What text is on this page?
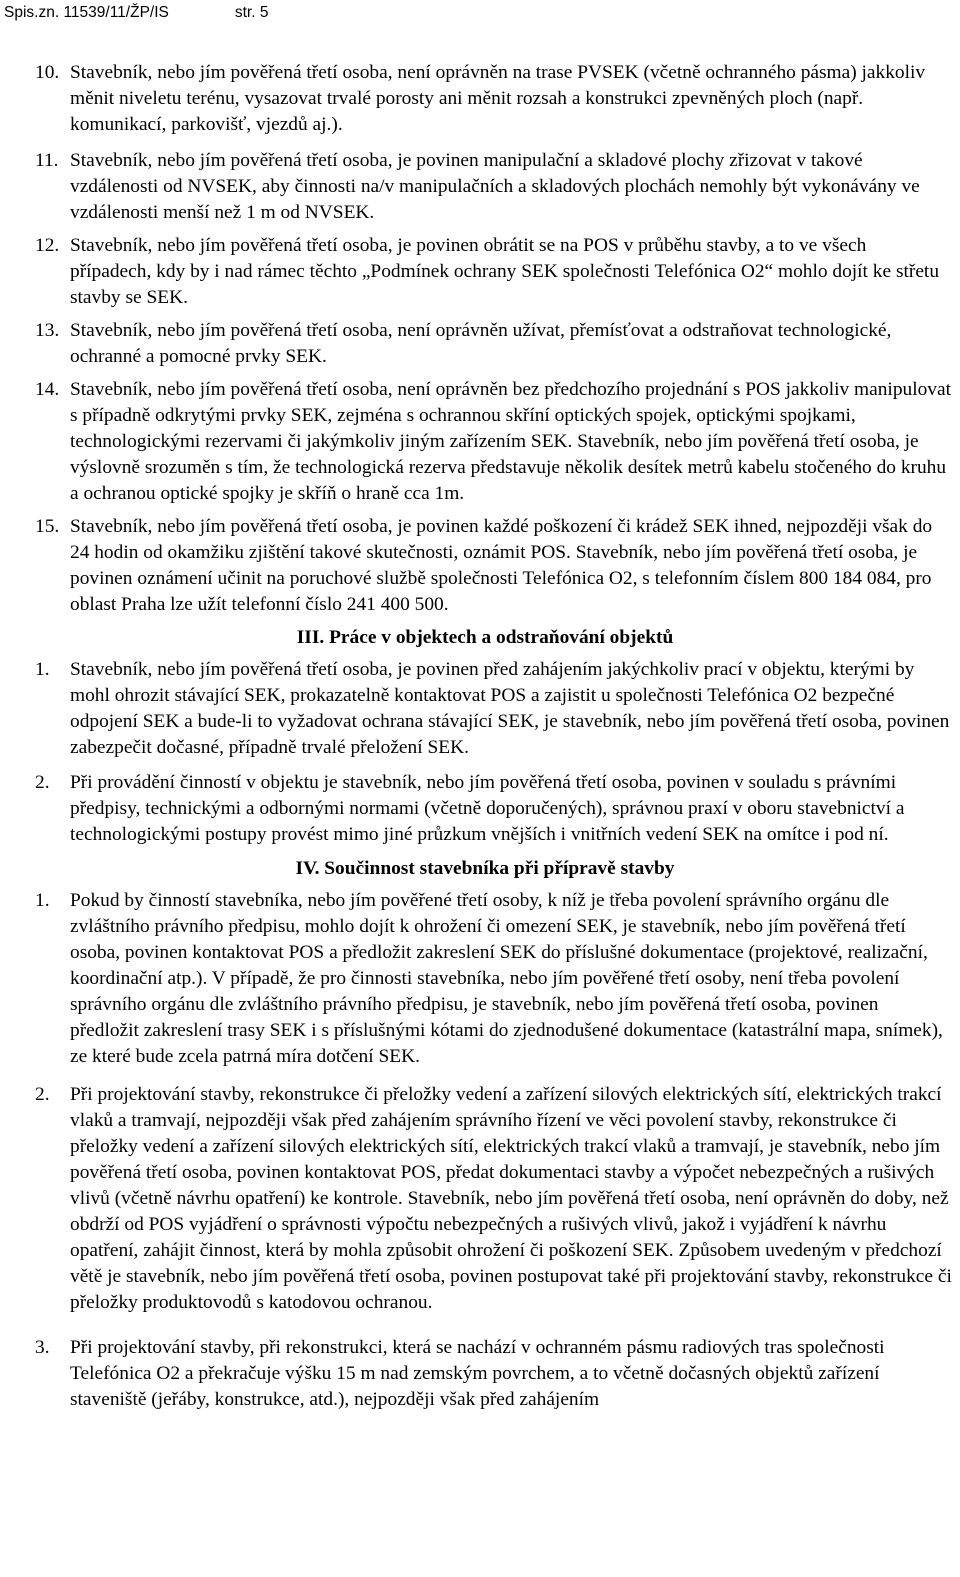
Spis.zn. 11539/11/ŽP/IS	str. 5
10. Stavebník, nebo jím pověřená třetí osoba, není oprávněn na trase PVSEK (včetně ochranného pásma) jakkoliv měnit niveletu terénu, vysazovat trvalé porosty ani měnit rozsah a konstrukci zpevněných ploch (např. komunikací, parkovišť, vjezdů aj.).
11. Stavebník, nebo jím pověřená třetí osoba, je povinen manipulační a skladové plochy zřizovat v takové vzdálenosti od NVSEK, aby činnosti na/v manipulačních a skladových plochách nemohly být vykonávány ve vzdálenosti menší než 1 m od NVSEK.
12. Stavebník, nebo jím pověřená třetí osoba, je povinen obrátit se na POS v průběhu stavby, a to ve všech případech, kdy by i nad rámec těchto „Podmínek ochrany SEK společnosti Telefónica O2“ mohlo dojít ke střetu stavby se SEK.
13. Stavebník, nebo jím pověřená třetí osoba, není oprávněn užívat, přemísťovat a odstraňovat technologické, ochranné a pomocné prvky SEK.
14. Stavebník, nebo jím pověřená třetí osoba, není oprávněn bez předchozího projednání s POS jakkoliv manipulovat s případně odkrytými prvky SEK, zejména s ochrannou skříní optických spojek, optickými spojkami, technologickými rezervami či jakýmkoliv jiným zařízením SEK. Stavebník, nebo jím pověřená třetí osoba, je výslovně srozuměn s tím, že technologická rezerva představuje několik desítek metrů kabelu stočeného do kruhu a ochranou optické spojky je skříň o hraně cca 1m.
15. Stavebník, nebo jím pověřená třetí osoba, je povinen každé poškození či krádež SEK ihned, nejpozději však do 24 hodin od okamžiku zjištění takové skutečnosti, oznámit POS. Stavebník, nebo jím pověřená třetí osoba, je povinen oznámení učinit na poruchové službě společnosti Telefónica O2, s telefonním číslem 800 184 084, pro oblast Praha lze užít telefonní číslo 241 400 500.
III. Práce v objektech a odstraňování objektů
1. Stavebník, nebo jím pověřená třetí osoba, je povinen před zahájením jakýchkoliv prací v objektu, kterými by mohl ohrozit stávající SEK, prokazatelně kontaktovat POS a zajistit u společnosti Telefónica O2 bezpečné odpojení SEK a bude-li to vyžadovat ochrana stávající SEK, je stavebník, nebo jím pověřená třetí osoba, povinen zabezpečit dočasné, případně trvalé přeložení SEK.
2. Při provádění činností v objektu je stavebník, nebo jím pověřená třetí osoba, povinen v souladu s právními předpisy, technickými a odbornými normami (včetně doporučených), správnou praxí v oboru stavebnictví a technologickými postupy provést mimo jiné průzkum vnějších i vnitřních vedení SEK na omítce i pod ní.
IV. Součinnost stavebníka při přípravě stavby
1. Pokud by činností stavebníka, nebo jím pověřené třetí osoby, k níž je třeba povolení správního orgánu dle zvláštního právního předpisu, mohlo dojít k ohrožení či omezení SEK, je stavebník, nebo jím pověřená třetí osoba, povinen kontaktovat POS a předložit zakreslení SEK do příslušné dokumentace (projektové, realizační, koordinační atp.). V případě, že pro činnosti stavebníka, nebo jím pověřené třetí osoby, není třeba povolení správního orgánu dle zvláštního právního předpisu, je stavebník, nebo jím pověřená třetí osoba, povinen předložit zakreslení trasy SEK i s příslušnými kótami do zjednodušené dokumentace (katastrální mapa, snímek), ze které bude zcela patrná míra dotčení SEK.
2. Při projektování stavby, rekonstrukce či přeložky vedení a zařízení silových elektrických sítí, elektrických trakcí vlaků a tramvají, nejpozději však před zahájením správního řízení ve věci povolení stavby, rekonstrukce či přeložky vedení a zařízení silových elektrických sítí, elektrických trakcí vlaků a tramvají, je stavebník, nebo jím pověřená třetí osoba, povinen kontaktovat POS, předat dokumentaci stavby a výpočet nebezpečných a rušivých vlivů (včetně návrhu opatření) ke kontrole. Stavebník, nebo jím pověřená třetí osoba, není oprávněn do doby, než obdrží od POS vyjádření o správnosti výpočtu nebezpečných a rušivých vlivů, jakož i vyjádření k návrhu opatření, zahájit činnost, která by mohla způsobit ohrožení či poškození SEK. Způsobem uvedeným v předchozí větě je stavebník, nebo jím pověřená třetí osoba, povinen postupovat také při projektování stavby, rekonstrukce či přeložky produktovodů s katodovou ochranou.
3. Při projektování stavby, při rekonstrukci, která se nachází v ochranném pásmu radiových tras společnosti Telefónica O2 a překračuje výšku 15 m nad zemským povrchem, a to včetně dočasných objektů zařízení staveniště (jeřáby, konstrukce, atd.), nejpozději však před zahájením
